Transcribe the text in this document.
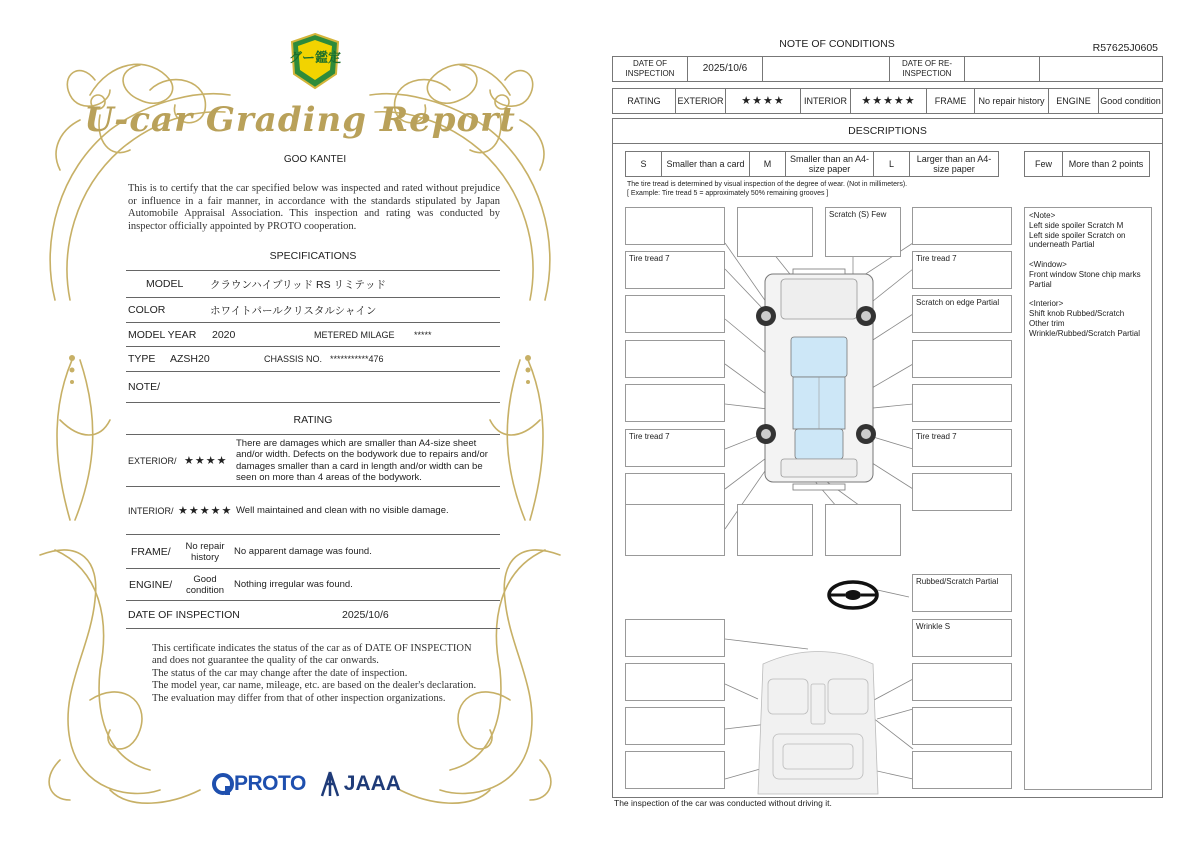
グー鑑定
U-car Grading Report
GOO KANTEI
This is to certify that the car specified below was inspected and rated without prejudice or influence in a fair manner, in accordance with the standards stipulated by Japan Automobile Appraisal Association. This inspection and rating was conducted by inspector officially appointed by PROTO cooperation.
SPECIFICATIONS
MODEL	クラウンハイブリッド RS リミテッド
COLOR	ホワイトパールクリスタルシャイン
MODEL YEAR	2020	METERED MILAGE	*****
TYPE	AZSH20	CHASSIS NO. ***********476
NOTE/
RATING
EXTERIOR/ ★★★★
There are damages which are smaller than A4-size sheet and/or width. Defects on the bodywork due to repairs and/or damages smaller than a card in length and/or width can be seen on more than 4 areas of the bodywork.
INTERIOR/ ★★★★★ Well maintained and clean with no visible damage.
FRAME/	No repair history	No apparent damage was found.
ENGINE/	Good condition	Nothing irregular was found.
DATE OF INSPECTION	2025/10/6
This certificate indicates the status of the car as of DATE OF INSPECTION and does not guarantee the quality of the car onwards.
The status of the car may change after the date of inspection.
The model year, car name, mileage, etc. are based on the dealer's declaration.
The evaluation may differ from that of other inspection organizations.
PROTO JAAA
NOTE OF CONDITIONS	R57625J0605
DATE OF INSPECTION	2025/10/6		DATE OF RE-INSPECTION		
RATING	EXTERIOR	★★★★	INTERIOR	★★★★★	FRAME	No repair history	ENGINE	Good condition
DESCRIPTIONS
S	Smaller than a card	M	Smaller than an A4-size paper	L	Larger than an A4-size paper	Few	More than 2 points
The tire tread is determined by visual inspection of the degree of wear. (Not in millimeters).
[ Example: Tire tread 5 = approximately 50% remaining grooves ]
Scratch (S) Few
Tire tread 7	Tire tread 7
Scratch on edge Partial
Tire tread 7	Tire tread 7
Rubbed/Scratch Partial
Wrinkle S

<Note>
Left side spoiler Scratch M
Left side spoiler Scratch on underneath Partial

<Window>
Front window Stone chip marks Partial

<Interior>
Shift knob Rubbed/Scratch
Other trim
Wrinkle/Rubbed/Scratch Partial

The inspection of the car was conducted without driving it.
